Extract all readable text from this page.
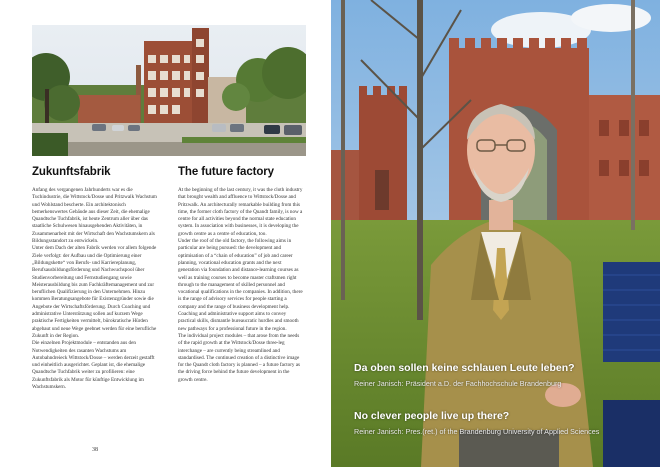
Zukunftsfabrik

Anfang des vergangenen Jahrhunderts war es die Tuchindustrie, die Wittstock/Dosse und Pritzwalk Wachstum und Wohlstand bescherte. Ein architektonisch bemerkenswertes Gebäude aus dieser Zeit, die ehemalige Quandtsche Tuchfabrik, ist heute Zentrum aller über das staatliche Schulwesen hinausgehenden Aktivitäten, in Zusammenarbeit mit der Wirtschaft den Wachstumskern als Bildungsstandort zu entwickeln.

Unter dem Dach der alten Fabrik werden vor allem folgende Ziele verfolgt: der Aufbau und die Optimierung einer „Bildungskette“ von Berufs- und Karriereplanung, Berufsausbildungsförderung und Nachwuchspool über Studienvorbereitung und Fernstudiengang sowie Meisterausbildung bis zum Fachkräftemanagement und zur beruflichen Qualifizierung in den Unternehmen. Hinzu kommen Beratungsangebote für Existenzgründer sowie die Angebote der Wirtschaftsförderung. Durch Coaching und administrative Unterstützung sollen auf kurzem Wege praktische Fertigkeiten vermittelt, bürokratische Hürden abgebaut und neue Wege geebnet werden für eine berufliche Zukunft in der Region.

Die einzelnen Projektmodule – entstanden aus den Notwendigkeiten des rasanten Wachstums am Autobahndreieck Wittstock/Dosse – werden derzeit gestafft und einheitlich ausgerichtet. Geplant ist, die ehemalige Quandtsche Tuchfabrik weiter zu profilieren: eine Zukunftsfabrik als Motor für künftige Entwicklung im Wachstumskern.

The future factory

At the beginning of the last century, it was the cloth industry that brought wealth and affluence to Wittstock/Dosse and Pritzwalk. An architecturally remarkable building from this time, the former cloth factory of the Quandt family, is now a centre for all activities beyond the normal state education system. In association with businesses, it is developing the growth centre as a centre of education, too.

Under the roof of the old factory, the following aims in particular are being pursued: the development and optimisation of a “chain of education” of job and career planning, vocational education grants and the next generation via foundation and distance-learning courses as well as training courses to become master craftsmen right through to the management of skilled personnel and vocational qualifications in the companies. In addition, there is the range of advisory services for people starting a company and the range of business development help. Coaching and administrative support aims to convey practical skills, dismantle bureaucratic hurdles and smooth new pathways for a professional future in the region.

The individual project modules – that arose from the needs of the rapid growth at the Wittstock/Dosse three-leg interchange – are currently being streamlined and standardised. The continued creation of a distinctive image for the Quandt cloth factory is planned – a future factory as the driving force behind the future development in the growth centre.

38
Da oben sollen keine schlauen Leute leben?
Reiner Janisch: Präsident a.D. der Fachhochschule Brandenburg
No clever people live up there?
Reiner Janisch: Pres.(ret.) of the Brandenburg University of Applied Sciences
